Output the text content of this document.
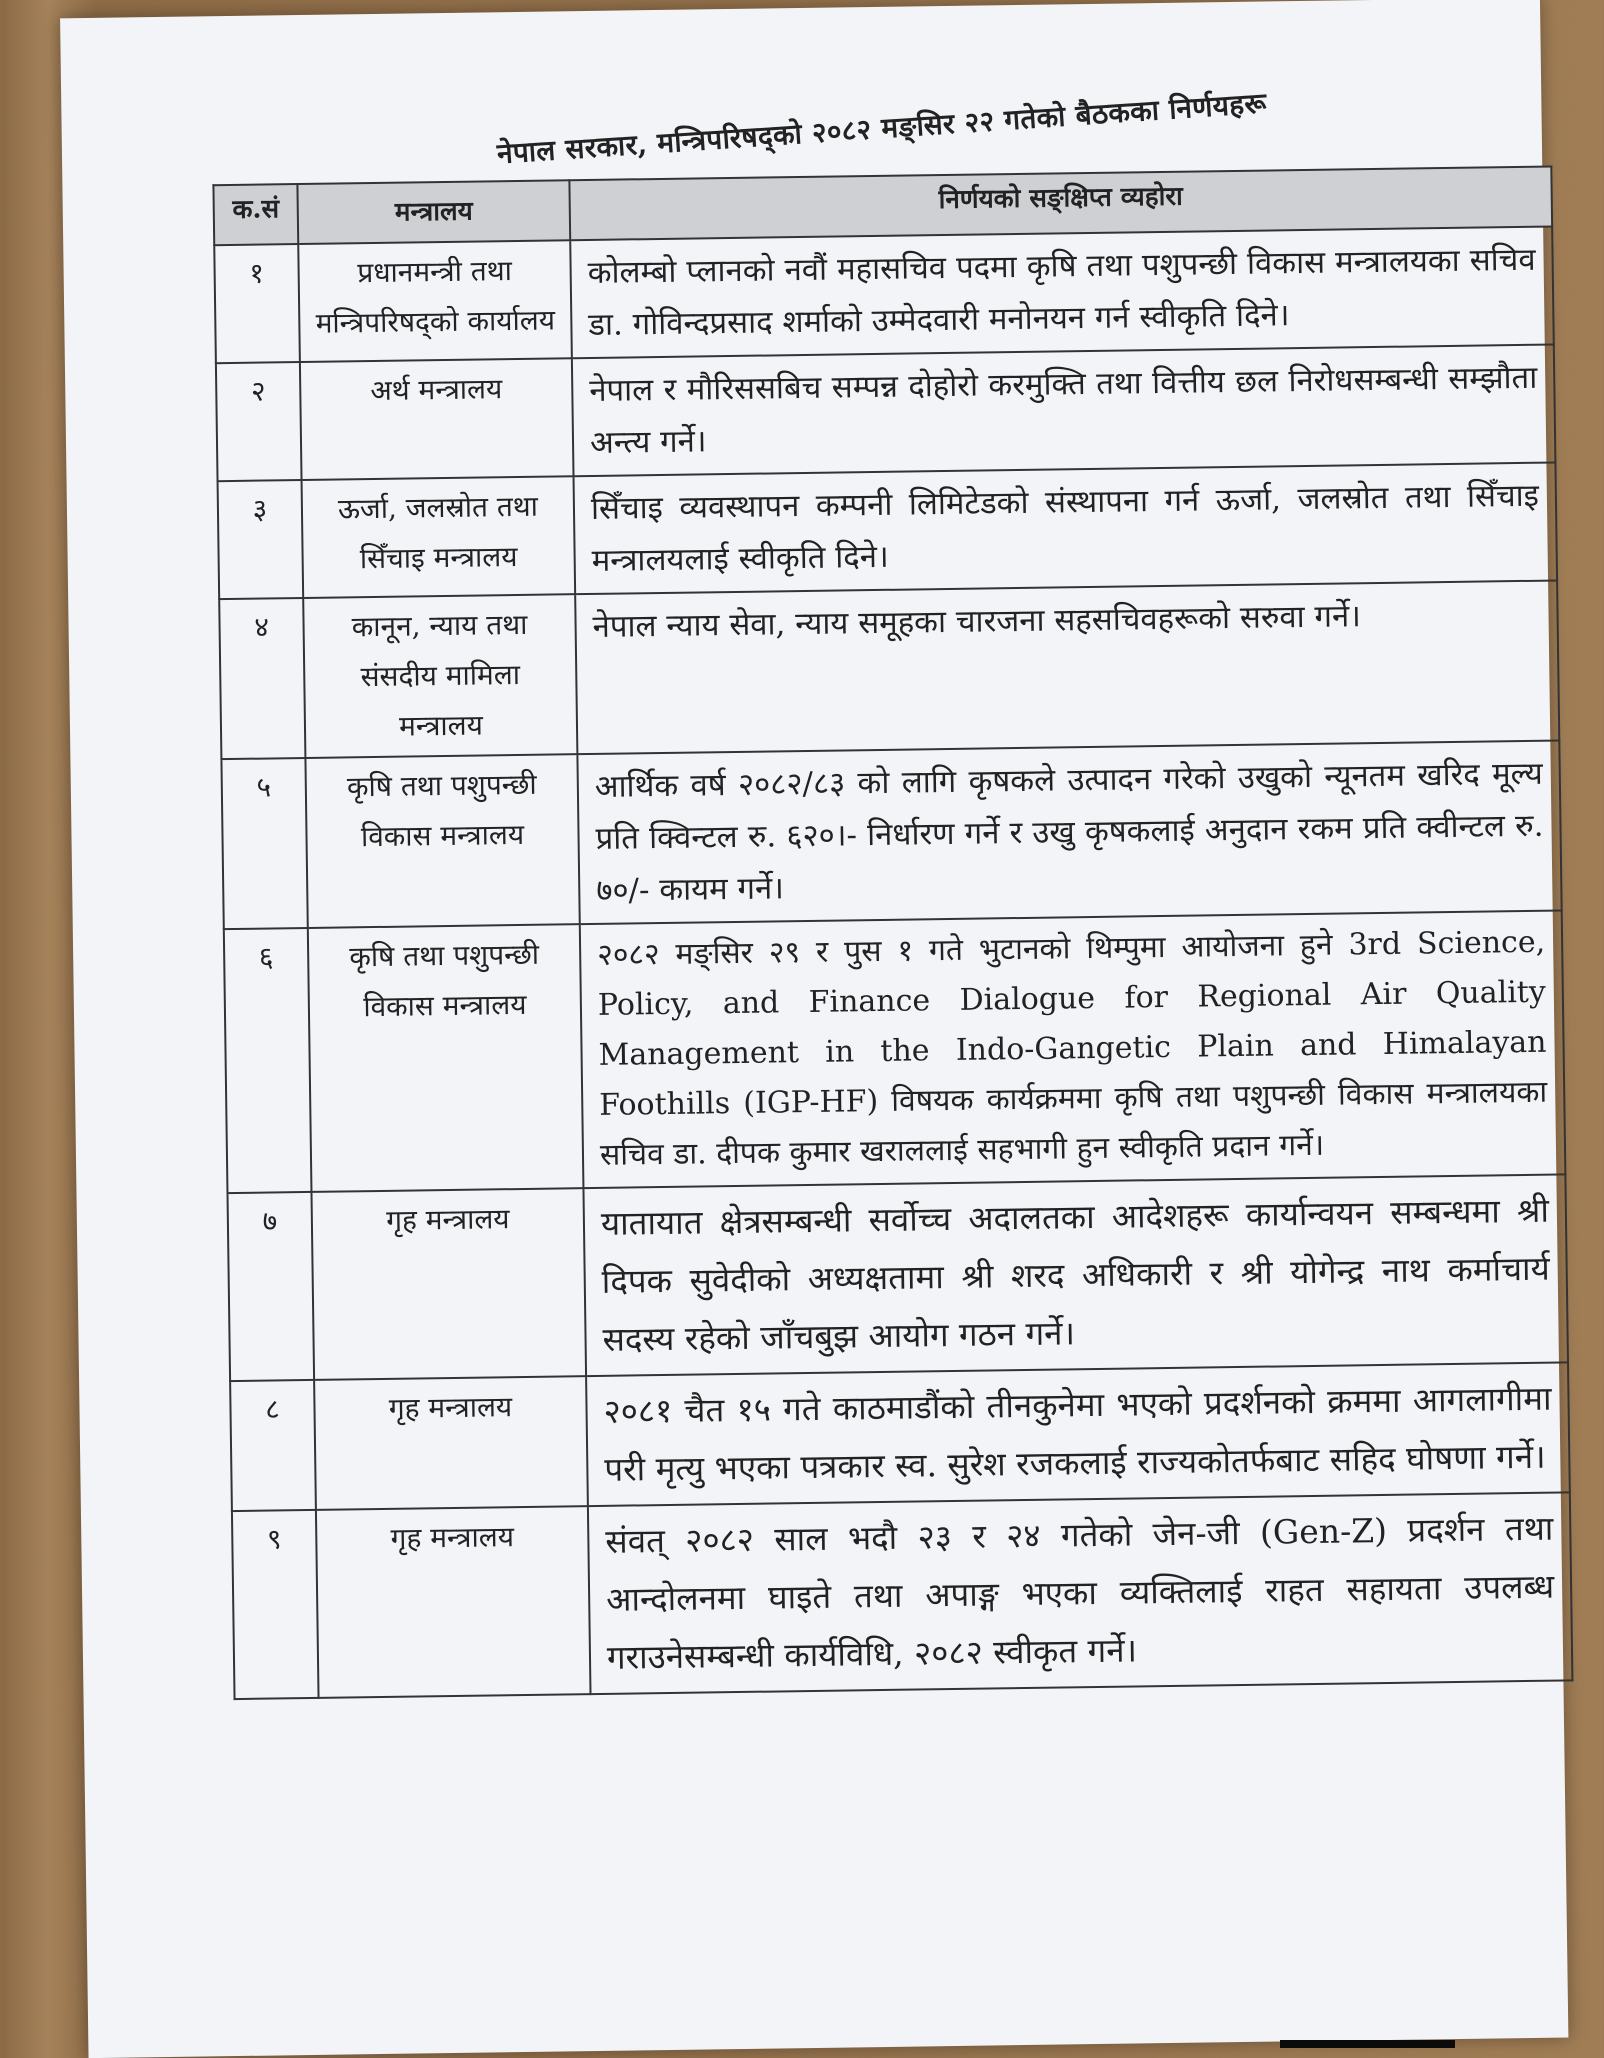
नेपाल सरकार, मन्त्रिपरिषद्को २०८२ मङ्सिर २२ गतेको बैठकका निर्णयहरू
क.सं	मन्त्रालय	निर्णयको सङ्क्षिप्त व्यहोरा
१	प्रधानमन्त्री तथा मन्त्रिपरिषद्को कार्यालय	कोलम्बो प्लानको नवौं महासचिव पदमा कृषि तथा पशुपन्छी विकास मन्त्रालयका सचिव डा. गोविन्दप्रसाद शर्माको उम्मेदवारी मनोनयन गर्न स्वीकृति दिने।
२	अर्थ मन्त्रालय	नेपाल र मौरिससबिच सम्पन्न दोहोरो करमुक्ति तथा वित्तीय छल निरोधसम्बन्धी सम्झौता अन्त्य गर्ने।
३	ऊर्जा, जलस्रोत तथा सिँचाइ मन्त्रालय	सिँचाइ व्यवस्थापन कम्पनी लिमिटेडको संस्थापना गर्न ऊर्जा, जलस्रोत तथा सिँचाइ मन्त्रालयलाई स्वीकृति दिने।
४	कानून, न्याय तथा संसदीय मामिला मन्त्रालय	नेपाल न्याय सेवा, न्याय समूहका चारजना सहसचिवहरूको सरुवा गर्ने।
५	कृषि तथा पशुपन्छी विकास मन्त्रालय	आर्थिक वर्ष २०८२/८३ को लागि कृषकले उत्पादन गरेको उखुको न्यूनतम खरिद मूल्य प्रति क्विन्टल रु. ६२०।- निर्धारण गर्ने र उखु कृषकलाई अनुदान रकम प्रति क्वीन्टल रु. ७०/- कायम गर्ने।
६	कृषि तथा पशुपन्छी विकास मन्त्रालय	२०८२ मङ्सिर २९ र पुस १ गते भुटानको थिम्पुमा आयोजना हुने 3rd Science, Policy, and Finance Dialogue for Regional Air Quality Management in the Indo-Gangetic Plain and Himalayan Foothills (IGP-HF) विषयक कार्यक्रममा कृषि तथा पशुपन्छी विकास मन्त्रालयका सचिव डा. दीपक कुमार खराललाई सहभागी हुन स्वीकृति प्रदान गर्ने।
७	गृह मन्त्रालय	यातायात क्षेत्रसम्बन्धी सर्वोच्च अदालतका आदेशहरू कार्यान्वयन सम्बन्धमा श्री दिपक सुवेदीको अध्यक्षतामा श्री शरद अधिकारी र श्री योगेन्द्र नाथ कर्माचार्य सदस्य रहेको जाँचबुझ आयोग गठन गर्ने।
८	गृह मन्त्रालय	२०८१ चैत १५ गते काठमाडौंको तीनकुनेमा भएको प्रदर्शनको क्रममा आगलागीमा परी मृत्यु भएका पत्रकार स्व. सुरेश रजकलाई राज्यकोतर्फबाट सहिद घोषणा गर्ने।
९	गृह मन्त्रालय	संवत् २०८२ साल भदौ २३ र २४ गतेको जेन-जी (Gen-Z) प्रदर्शन तथा आन्दोलनमा घाइते तथा अपाङ्ग भएका व्यक्तिलाई राहत सहायता उपलब्ध गराउनेसम्बन्धी कार्यविधि, २०८२ स्वीकृत गर्ने।
